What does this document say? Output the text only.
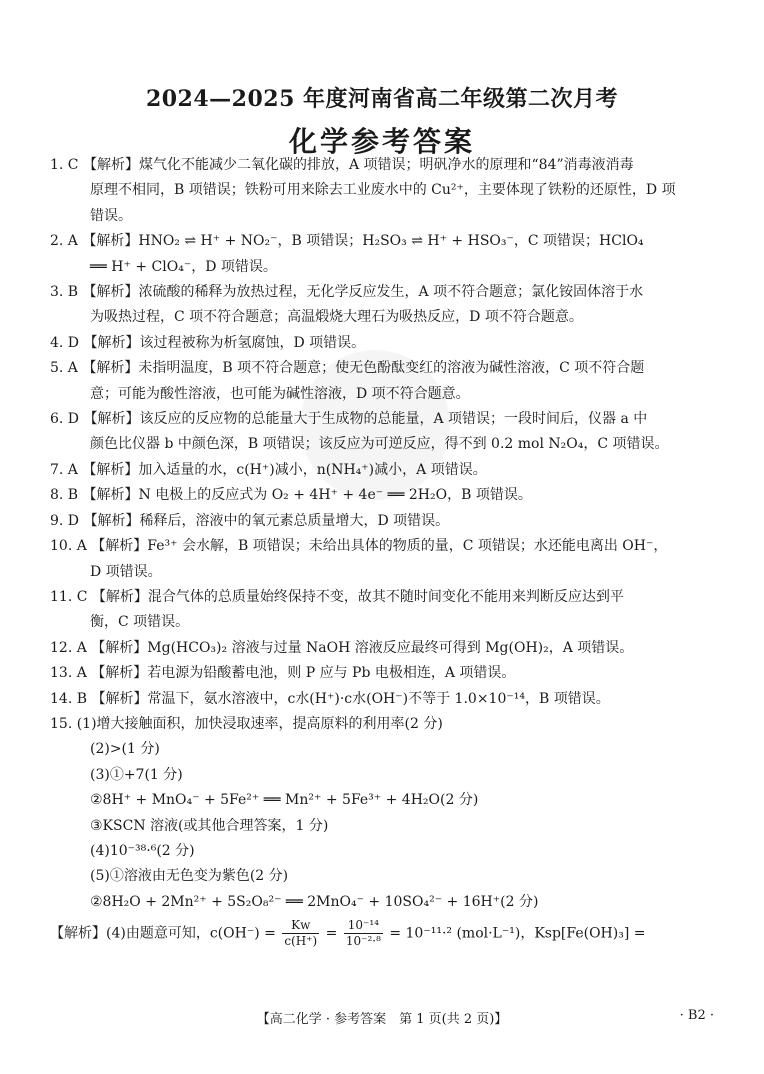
2024—2025 年度河南省高二年级第二次月考
化学参考答案
1. C 【解析】煤气化不能减少二氧化碳的排放，A 项错误；明矾净水的原理和“84”消毒液消毒
原理不相同，B 项错误；铁粉可用来除去工业废水中的 Cu²⁺，主要体现了铁粉的还原性，D 项
错误。
2. A 【解析】HNO₂ ⇌ H⁺ + NO₂⁻，B 项错误；H₂SO₃ ⇌ H⁺ + HSO₃⁻，C 项错误；HClO₄
══ H⁺ + ClO₄⁻，D 项错误。
3. B 【解析】浓硫酸的稀释为放热过程，无化学反应发生，A 项不符合题意；氯化铵固体溶于水
为吸热过程，C 项不符合题意；高温煅烧大理石为吸热反应，D 项不符合题意。
4. D 【解析】该过程被称为析氢腐蚀，D 项错误。
5. A 【解析】未指明温度，B 项不符合题意；使无色酚酞变红的溶液为碱性溶液，C 项不符合题
意；可能为酸性溶液，也可能为碱性溶液，D 项不符合题意。
6. D 【解析】该反应的反应物的总能量大于生成物的总能量，A 项错误；一段时间后，仪器 a 中
颜色比仪器 b 中颜色深，B 项错误；该反应为可逆反应，得不到 0.2 mol N₂O₄，C 项错误。
7. A 【解析】加入适量的水，c(H⁺)减小，n(NH₄⁺)减小，A 项错误。
8. B 【解析】N 电极上的反应式为 O₂ + 4H⁺ + 4e⁻ ══ 2H₂O，B 项错误。
9. D 【解析】稀释后，溶液中的氧元素总质量增大，D 项错误。
10. A 【解析】Fe³⁺ 会水解，B 项错误；未给出具体的物质的量，C 项错误；水还能电离出 OH⁻，
D 项错误。
11. C 【解析】混合气体的总质量始终保持不变，故其不随时间变化不能用来判断反应达到平
衡，C 项错误。
12. A 【解析】Mg(HCO₃)₂ 溶液与过量 NaOH 溶液反应最终可得到 Mg(OH)₂，A 项错误。
13. A 【解析】若电源为铅酸蓄电池，则 P 应与 Pb 电极相连，A 项错误。
14. B 【解析】常温下，氨水溶液中，c水(H⁺)·c水(OH⁻)不等于 1.0×10⁻¹⁴，B 项错误。
15. (1)增大接触面积，加快浸取速率，提高原料的利用率(2 分)
(2)>(1 分)
(3)①+7(1 分)
②8H⁺ + MnO₄⁻ + 5Fe²⁺ ══ Mn²⁺ + 5Fe³⁺ + 4H₂O(2 分)
③KSCN 溶液(或其他合理答案，1 分)
(4)10⁻³⁸·⁶(2 分)
(5)①溶液由无色变为紫色(2 分)
②8H₂O + 2Mn²⁺ + 5S₂O₈²⁻ ══ 2MnO₄⁻ + 10SO₄²⁻ + 16H⁺(2 分)
【解析】(4)由题意可知，$c(OH^-) = \frac{Kw}{c(H^+)} = \frac{\text{10⁻¹⁴}}{\text{10⁻²·⁸}} = 10^{-11}\cdot^2$ (mol·L⁻¹)，Ksp[Fe(OH)₃] =
【高二化学 · 参考答案　第 1 页(共 2 页)】	· B2 ·
